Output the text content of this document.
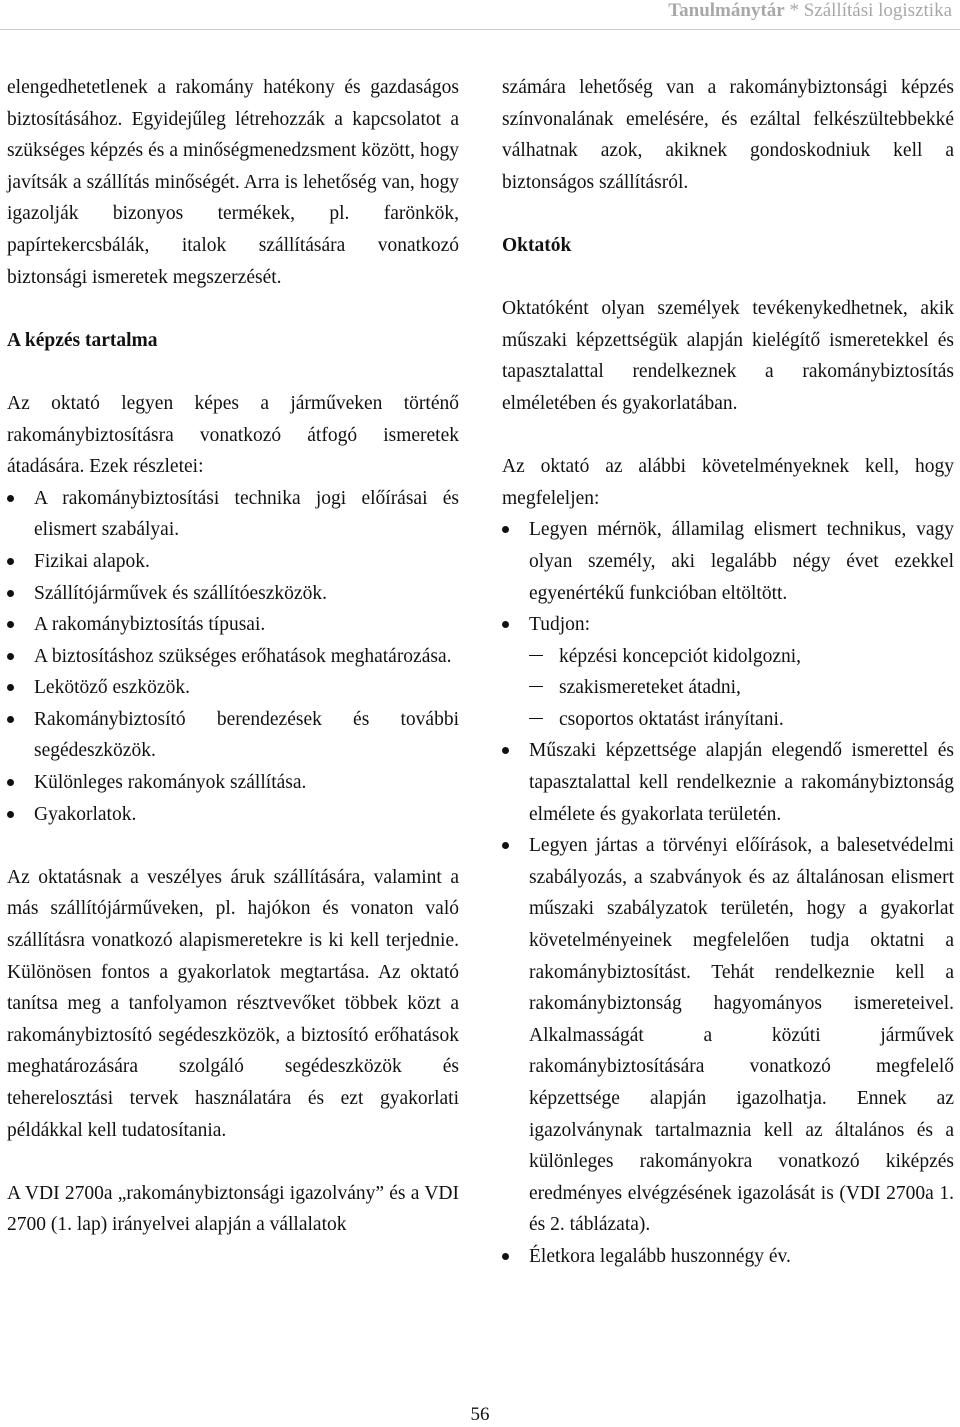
Tanulmánytár * Szállítási logisztika

elengedhetetlenek a rakomány hatékony és gazdaságos biztosításához. Egyidejűleg létrehozzák a kapcsolatot a szükséges képzés és a minőségmenedzsment között, hogy javítsák a szállítás minőségét. Arra is lehetőség van, hogy igazolják bizonyos termékek, pl. farönkök, papírtekercsbálák, italok szállítására vonatkozó biztonsági ismeretek megszerzését.

A képzés tartalma

Az oktató legyen képes a járműveken történő rakománybiztosításra vonatkozó átfogó ismeretek átadására. Ezek részletei:

A rakománybiztosítási technika jogi előírásai és elismert szabályai.
Fizikai alapok.
Szállítójárművek és szállítóeszközök.
A rakománybiztosítás típusai.
A biztosításhoz szükséges erőhatások meghatározása.
Lekötöző eszközök.
Rakománybiztosító berendezések és további segédeszközök.
Különleges rakományok szállítása.
Gyakorlatok.

Az oktatásnak a veszélyes áruk szállítására, valamint a más szállítójárműveken, pl. hajókon és vonaton való szállításra vonatkozó alapismeretekre is ki kell terjednie. Különösen fontos a gyakorlatok megtartása. Az oktató tanítsa meg a tanfolyamon résztvevőket többek közt a rakománybiztosító segédeszközök, a biztosító erőhatások meghatározására szolgáló segédeszközök és teherelosztási tervek használatára és ezt gyakorlati példákkal kell tudatosítania.

A VDI 2700a „rakománybiztonsági igazolvány” és a VDI 2700 (1. lap) irányelvei alapján a vállalatok

számára lehetőség van a rakománybiztonsági képzés színvonalának emelésére, és ezáltal felkészültebbekké válhatnak azok, akiknek gondoskodniuk kell a biztonságos szállításról.

Oktatók

Oktatóként olyan személyek tevékenykedhetnek, akik műszaki képzettségük alapján kielégítő ismeretekkel és tapasztalattal rendelkeznek a rakománybiztosítás elméletében és gyakorlatában.

Az oktató az alábbi követelményeknek kell, hogy megfeleljen:

Legyen mérnök, államilag elismert technikus, vagy olyan személy, aki legalább négy évet ezekkel egyenértékű funkcióban eltöltött.
Tudjon:
képzési koncepciót kidolgozni,
szakismereteket átadni,
csoportos oktatást irányítani.
Műszaki képzettsége alapján elegendő ismerettel és tapasztalattal kell rendelkeznie a rakománybiztonság elmélete és gyakorlata területén.
Legyen jártas a törvényi előírások, a balesetvédelmi szabályozás, a szabványok és az általánosan elismert műszaki szabályzatok területén, hogy a gyakorlat követelményeinek megfelelően tudja oktatni a rakománybiztosítást. Tehát rendelkeznie kell a rakománybiztonság hagyományos ismereteivel. Alkalmasságát a közúti járművek rakománybiztosítására vonatkozó megfelelő képzettsége alapján igazolhatja. Ennek az igazolványnak tartalmaznia kell az általános és a különleges rakományokra vonatkozó kiképzés eredményes elvégzésének igazolását is (VDI 2700a 1. és 2. táblázata).
Életkora legalább huszonnégy év.
56
